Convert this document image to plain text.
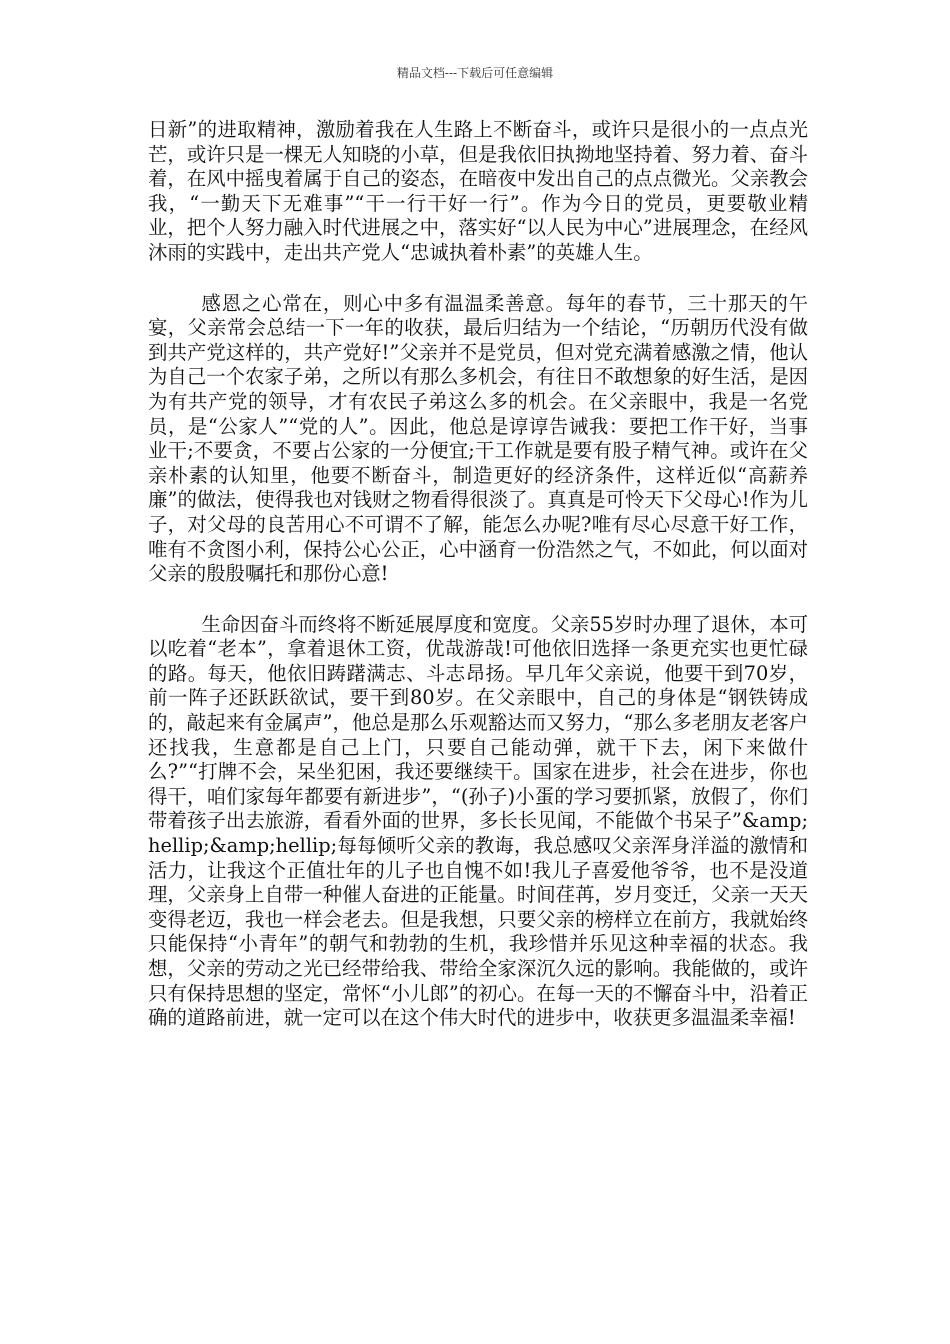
精品文档---下载后可任意编辑

日新”的进取精神，激励着我在人生路上不断奋斗，或许只是很小的一点点光芒，或许只是一棵无人知晓的小草，但是我依旧执拗地坚持着、努力着、奋斗着，在风中摇曳着属于自己的姿态，在暗夜中发出自己的点点微光。父亲教会我，“一勤天下无难事”“干一行干好一行”。作为今日的党员，更要敬业精业，把个人努力融入时代进展之中，落实好“以人民为中心”进展理念，在经风沐雨的实践中，走出共产党人“忠诚执着朴素”的英雄人生。

感恩之心常在，则心中多有温温柔善意。每年的春节，三十那天的午宴，父亲常会总结一下一年的收获，最后归结为一个结论，“历朝历代没有做到共产党这样的，共产党好!”父亲并不是党员，但对党充满着感激之情，他认为自己一个农家子弟，之所以有那么多机会，有往日不敢想象的好生活，是因为有共产党的领导，才有农民子弟这么多的机会。在父亲眼中，我是一名党员，是“公家人”“党的人”。因此，他总是谆谆告诫我：要把工作干好，当事业干;不要贪，不要占公家的一分便宜;干工作就是要有股子精气神。或许在父亲朴素的认知里，他要不断奋斗，制造更好的经济条件，这样近似“高薪养廉”的做法，使得我也对钱财之物看得很淡了。真真是可怜天下父母心!作为儿子，对父母的良苦用心不可谓不了解，能怎么办呢?唯有尽心尽意干好工作，唯有不贪图小利，保持公心公正，心中涵育一份浩然之气，不如此，何以面对父亲的殷殷嘱托和那份心意!

生命因奋斗而终将不断延展厚度和宽度。父亲55岁时办理了退休，本可以吃着“老本”，拿着退休工资，优哉游哉!可他依旧选择一条更充实也更忙碌的路。每天，他依旧踌躇满志、斗志昂扬。早几年父亲说，他要干到70岁，前一阵子还跃跃欲试，要干到80岁。在父亲眼中，自己的身体是“钢铁铸成的，敲起来有金属声”，他总是那么乐观豁达而又努力，“那么多老朋友老客户还找我，生意都是自己上门，只要自己能动弹，就干下去，闲下来做什么?”“打牌不会，呆坐犯困，我还要继续干。国家在进步，社会在进步，你也得干，咱们家每年都要有新进步”，“(孙子)小蛋的学习要抓紧，放假了，你们带着孩子出去旅游，看看外面的世界，多长长见闻，不能做个书呆子”&amp;hellip;&amp;hellip;每每倾听父亲的教诲，我总感叹父亲浑身洋溢的激情和活力，让我这个正值壮年的儿子也自愧不如!我儿子喜爱他爷爷，也不是没道理，父亲身上自带一种催人奋进的正能量。时间荏苒，岁月变迁，父亲一天天变得老迈，我也一样会老去。但是我想，只要父亲的榜样立在前方，我就始终只能保持“小青年”的朝气和勃勃的生机，我珍惜并乐见这种幸福的状态。我想，父亲的劳动之光已经带给我、带给全家深沉久远的影响。我能做的，或许只有保持思想的坚定，常怀“小儿郎”的初心。在每一天的不懈奋斗中，沿着正确的道路前进，就一定可以在这个伟大时代的进步中，收获更多温温柔幸福!
